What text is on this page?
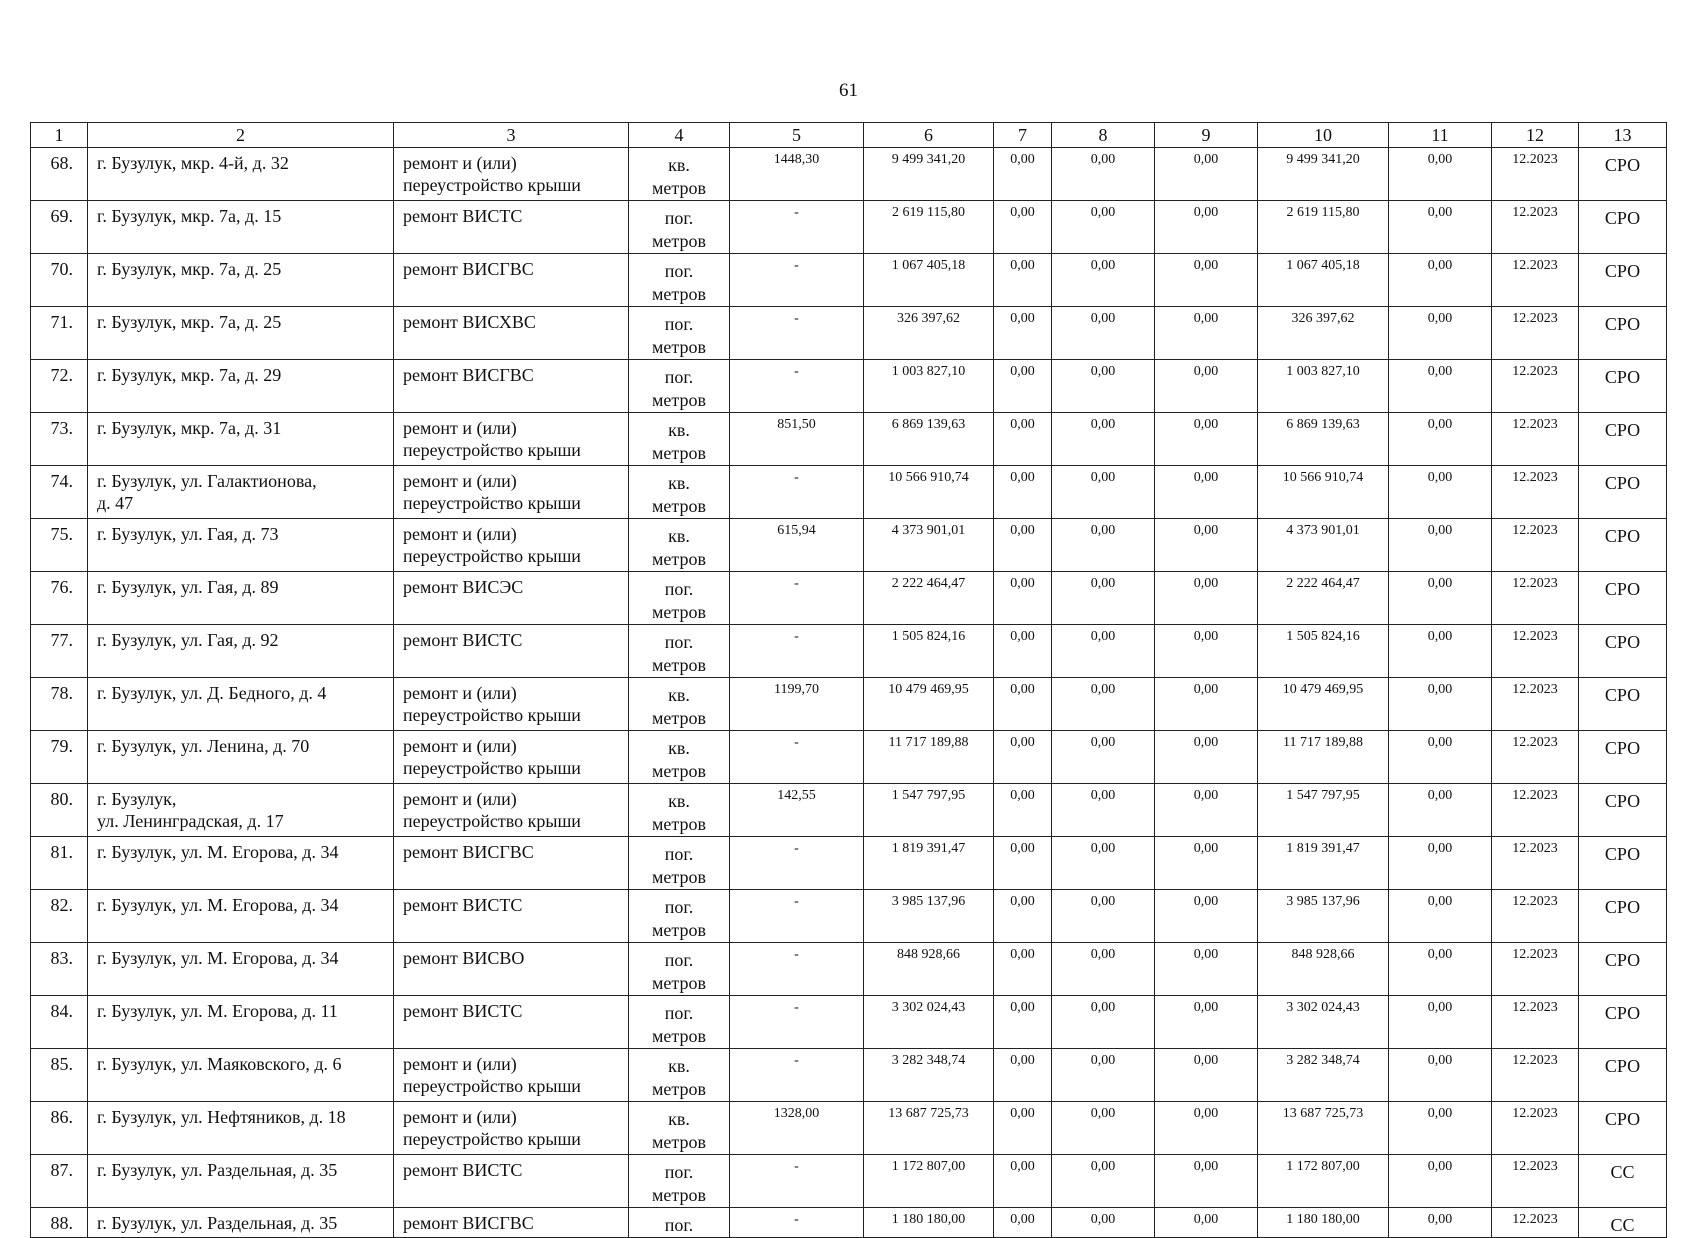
61
1	2	3	4	5	6	7	8	9	10	11	12	13
68.	г. Бузулук, мкр. 4-й, д. 32	ремонт и (или)
переустройство крыши	кв.
метров	1448,30	9 499 341,20	0,00	0,00	0,00	9 499 341,20	0,00	12.2023	СРО
69.	г. Бузулук, мкр. 7а, д. 15	ремонт ВИСТС	пог.
метров	-	2 619 115,80	0,00	0,00	0,00	2 619 115,80	0,00	12.2023	СРО
70.	г. Бузулук, мкр. 7а, д. 25	ремонт ВИСГВС	пог.
метров	-	1 067 405,18	0,00	0,00	0,00	1 067 405,18	0,00	12.2023	СРО
71.	г. Бузулук, мкр. 7а, д. 25	ремонт ВИСХВС	пог.
метров	-	326 397,62	0,00	0,00	0,00	326 397,62	0,00	12.2023	СРО
72.	г. Бузулук, мкр. 7а, д. 29	ремонт ВИСГВС	пог.
метров	-	1 003 827,10	0,00	0,00	0,00	1 003 827,10	0,00	12.2023	СРО
73.	г. Бузулук, мкр. 7а, д. 31	ремонт и (или)
переустройство крыши	кв.
метров	851,50	6 869 139,63	0,00	0,00	0,00	6 869 139,63	0,00	12.2023	СРО
74.	г. Бузулук, ул. Галактионова,
д. 47	ремонт и (или)
переустройство крыши	кв.
метров	-	10 566 910,74	0,00	0,00	0,00	10 566 910,74	0,00	12.2023	СРО
75.	г. Бузулук, ул. Гая, д. 73	ремонт и (или)
переустройство крыши	кв.
метров	615,94	4 373 901,01	0,00	0,00	0,00	4 373 901,01	0,00	12.2023	СРО
76.	г. Бузулук, ул. Гая, д. 89	ремонт ВИСЭС	пог.
метров	-	2 222 464,47	0,00	0,00	0,00	2 222 464,47	0,00	12.2023	СРО
77.	г. Бузулук, ул. Гая, д. 92	ремонт ВИСТС	пог.
метров	-	1 505 824,16	0,00	0,00	0,00	1 505 824,16	0,00	12.2023	СРО
78.	г. Бузулук, ул. Д. Бедного, д. 4	ремонт и (или)
переустройство крыши	кв.
метров	1199,70	10 479 469,95	0,00	0,00	0,00	10 479 469,95	0,00	12.2023	СРО
79.	г. Бузулук, ул. Ленина, д. 70	ремонт и (или)
переустройство крыши	кв.
метров	-	11 717 189,88	0,00	0,00	0,00	11 717 189,88	0,00	12.2023	СРО
80.	г. Бузулук,
ул. Ленинградская, д. 17	ремонт и (или)
переустройство крыши	кв.
метров	142,55	1 547 797,95	0,00	0,00	0,00	1 547 797,95	0,00	12.2023	СРО
81.	г. Бузулук, ул. М. Егорова, д. 34	ремонт ВИСГВС	пог.
метров	-	1 819 391,47	0,00	0,00	0,00	1 819 391,47	0,00	12.2023	СРО
82.	г. Бузулук, ул. М. Егорова, д. 34	ремонт ВИСТС	пог.
метров	-	3 985 137,96	0,00	0,00	0,00	3 985 137,96	0,00	12.2023	СРО
83.	г. Бузулук, ул. М. Егорова, д. 34	ремонт ВИСВО	пог.
метров	-	848 928,66	0,00	0,00	0,00	848 928,66	0,00	12.2023	СРО
84.	г. Бузулук, ул. М. Егорова, д. 11	ремонт ВИСТС	пог.
метров	-	3 302 024,43	0,00	0,00	0,00	3 302 024,43	0,00	12.2023	СРО
85.	г. Бузулук, ул. Маяковского, д. 6	ремонт и (или)
переустройство крыши	кв.
метров	-	3 282 348,74	0,00	0,00	0,00	3 282 348,74	0,00	12.2023	СРО
86.	г. Бузулук, ул. Нефтяников, д. 18	ремонт и (или)
переустройство крыши	кв.
метров	1328,00	13 687 725,73	0,00	0,00	0,00	13 687 725,73	0,00	12.2023	СРО
87.	г. Бузулук, ул. Раздельная, д. 35	ремонт ВИСТС	пог.
метров	-	1 172 807,00	0,00	0,00	0,00	1 172 807,00	0,00	12.2023	СС
88.	г. Бузулук, ул. Раздельная, д. 35	ремонт ВИСГВС	пог.	-	1 180 180,00	0,00	0,00	0,00	1 180 180,00	0,00	12.2023	СС
